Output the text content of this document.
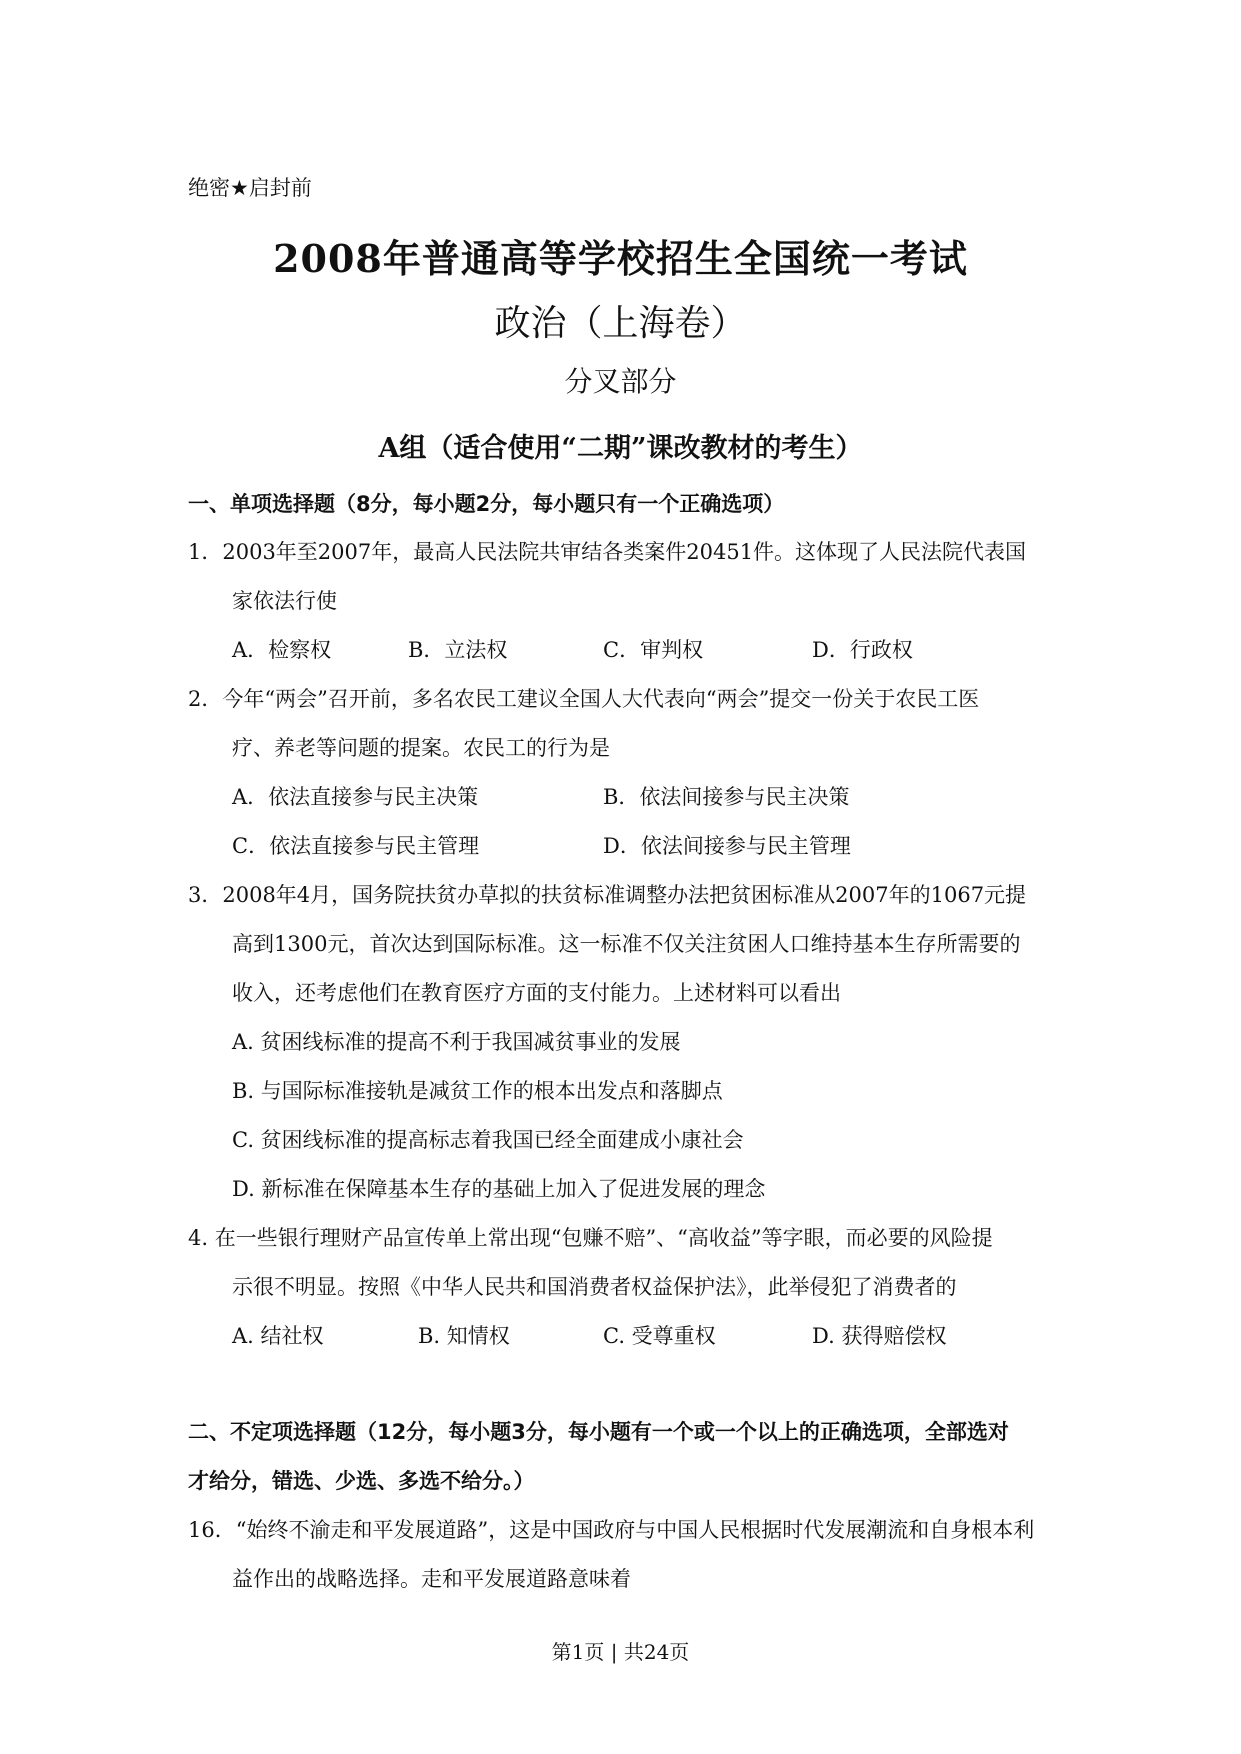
绝密★启封前
2008年普通高等学校招生全国统一考试
政治（上海卷）
分叉部分
A组（适合使用“二期”课改教材的考生）
一、单项选择题（8分，每小题2分，每小题只有一个正确选项）
1．2003年至2007年，最高人民法院共审结各类案件20451件。这体现了人民法院代表国
家依法行使
A．检察权	B．立法权	C．审判权	D．行政权
2．今年“两会”召开前，多名农民工建议全国人大代表向“两会”提交一份关于农民工医
疗、养老等问题的提案。农民工的行为是
A．依法直接参与民主决策	B．依法间接参与民主决策
C．依法直接参与民主管理	D．依法间接参与民主管理
3．2008年4月，国务院扶贫办草拟的扶贫标准调整办法把贫困标准从2007年的1067元提
高到1300元，首次达到国际标准。这一标准不仅关注贫困人口维持基本生存所需要的
收入，还考虑他们在教育医疗方面的支付能力。上述材料可以看出
A. 贫困线标准的提高不利于我国减贫事业的发展
B. 与国际标准接轨是减贫工作的根本出发点和落脚点
C. 贫困线标准的提高标志着我国已经全面建成小康社会
D. 新标准在保障基本生存的基础上加入了促进发展的理念
4. 在一些银行理财产品宣传单上常出现“包赚不赔”、“高收益”等字眼，而必要的风险提
示很不明显。按照《中华人民共和国消费者权益保护法》，此举侵犯了消费者的
A. 结社权	B. 知情权	C. 受尊重权	D. 获得赔偿权
二、不定项选择题（12分，每小题3分，每小题有一个或一个以上的正确选项，全部选对
才给分，错选、少选、多选不给分。）
16．“始终不渝走和平发展道路”，这是中国政府与中国人民根据时代发展潮流和自身根本利
益作出的战略选择。走和平发展道路意味着
第1页 | 共24页
